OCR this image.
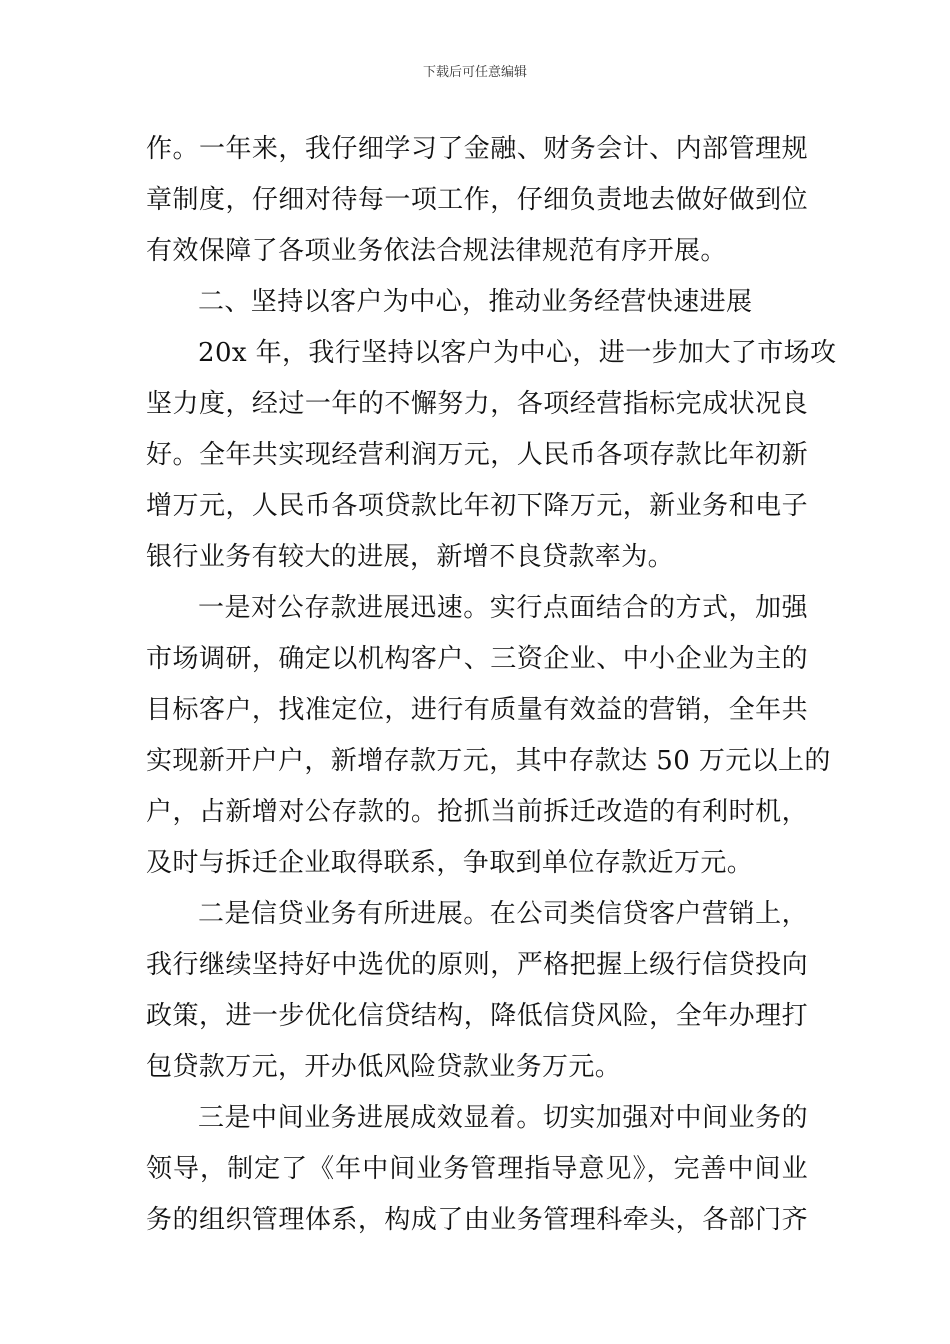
下载后可任意编辑
作。一年来，我仔细学习了金融、财务会计、内部管理规
章制度，仔细对待每一项工作，仔细负责地去做好做到位
有效保障了各项业务依法合规法律规范有序开展。
二、坚持以客户为中心，推动业务经营快速进展
20x 年，我行坚持以客户为中心，进一步加大了市场攻
坚力度，经过一年的不懈努力，各项经营指标完成状况良
好。全年共实现经营利润万元，人民币各项存款比年初新
增万元，人民币各项贷款比年初下降万元，新业务和电子
银行业务有较大的进展，新增不良贷款率为。
一是对公存款进展迅速。实行点面结合的方式，加强
市场调研，确定以机构客户、三资企业、中小企业为主的
目标客户，找准定位，进行有质量有效益的营销，全年共
实现新开户户，新增存款万元，其中存款达 50 万元以上的
户，占新增对公存款的。抢抓当前拆迁改造的有利时机，
及时与拆迁企业取得联系，争取到单位存款近万元。
二是信贷业务有所进展。在公司类信贷客户营销上，
我行继续坚持好中选优的原则，严格把握上级行信贷投向
政策，进一步优化信贷结构，降低信贷风险，全年办理打
包贷款万元，开办低风险贷款业务万元。
三是中间业务进展成效显着。切实加强对中间业务的
领导，制定了《年中间业务管理指导意见》，完善中间业
务的组织管理体系，构成了由业务管理科牵头，各部门齐
